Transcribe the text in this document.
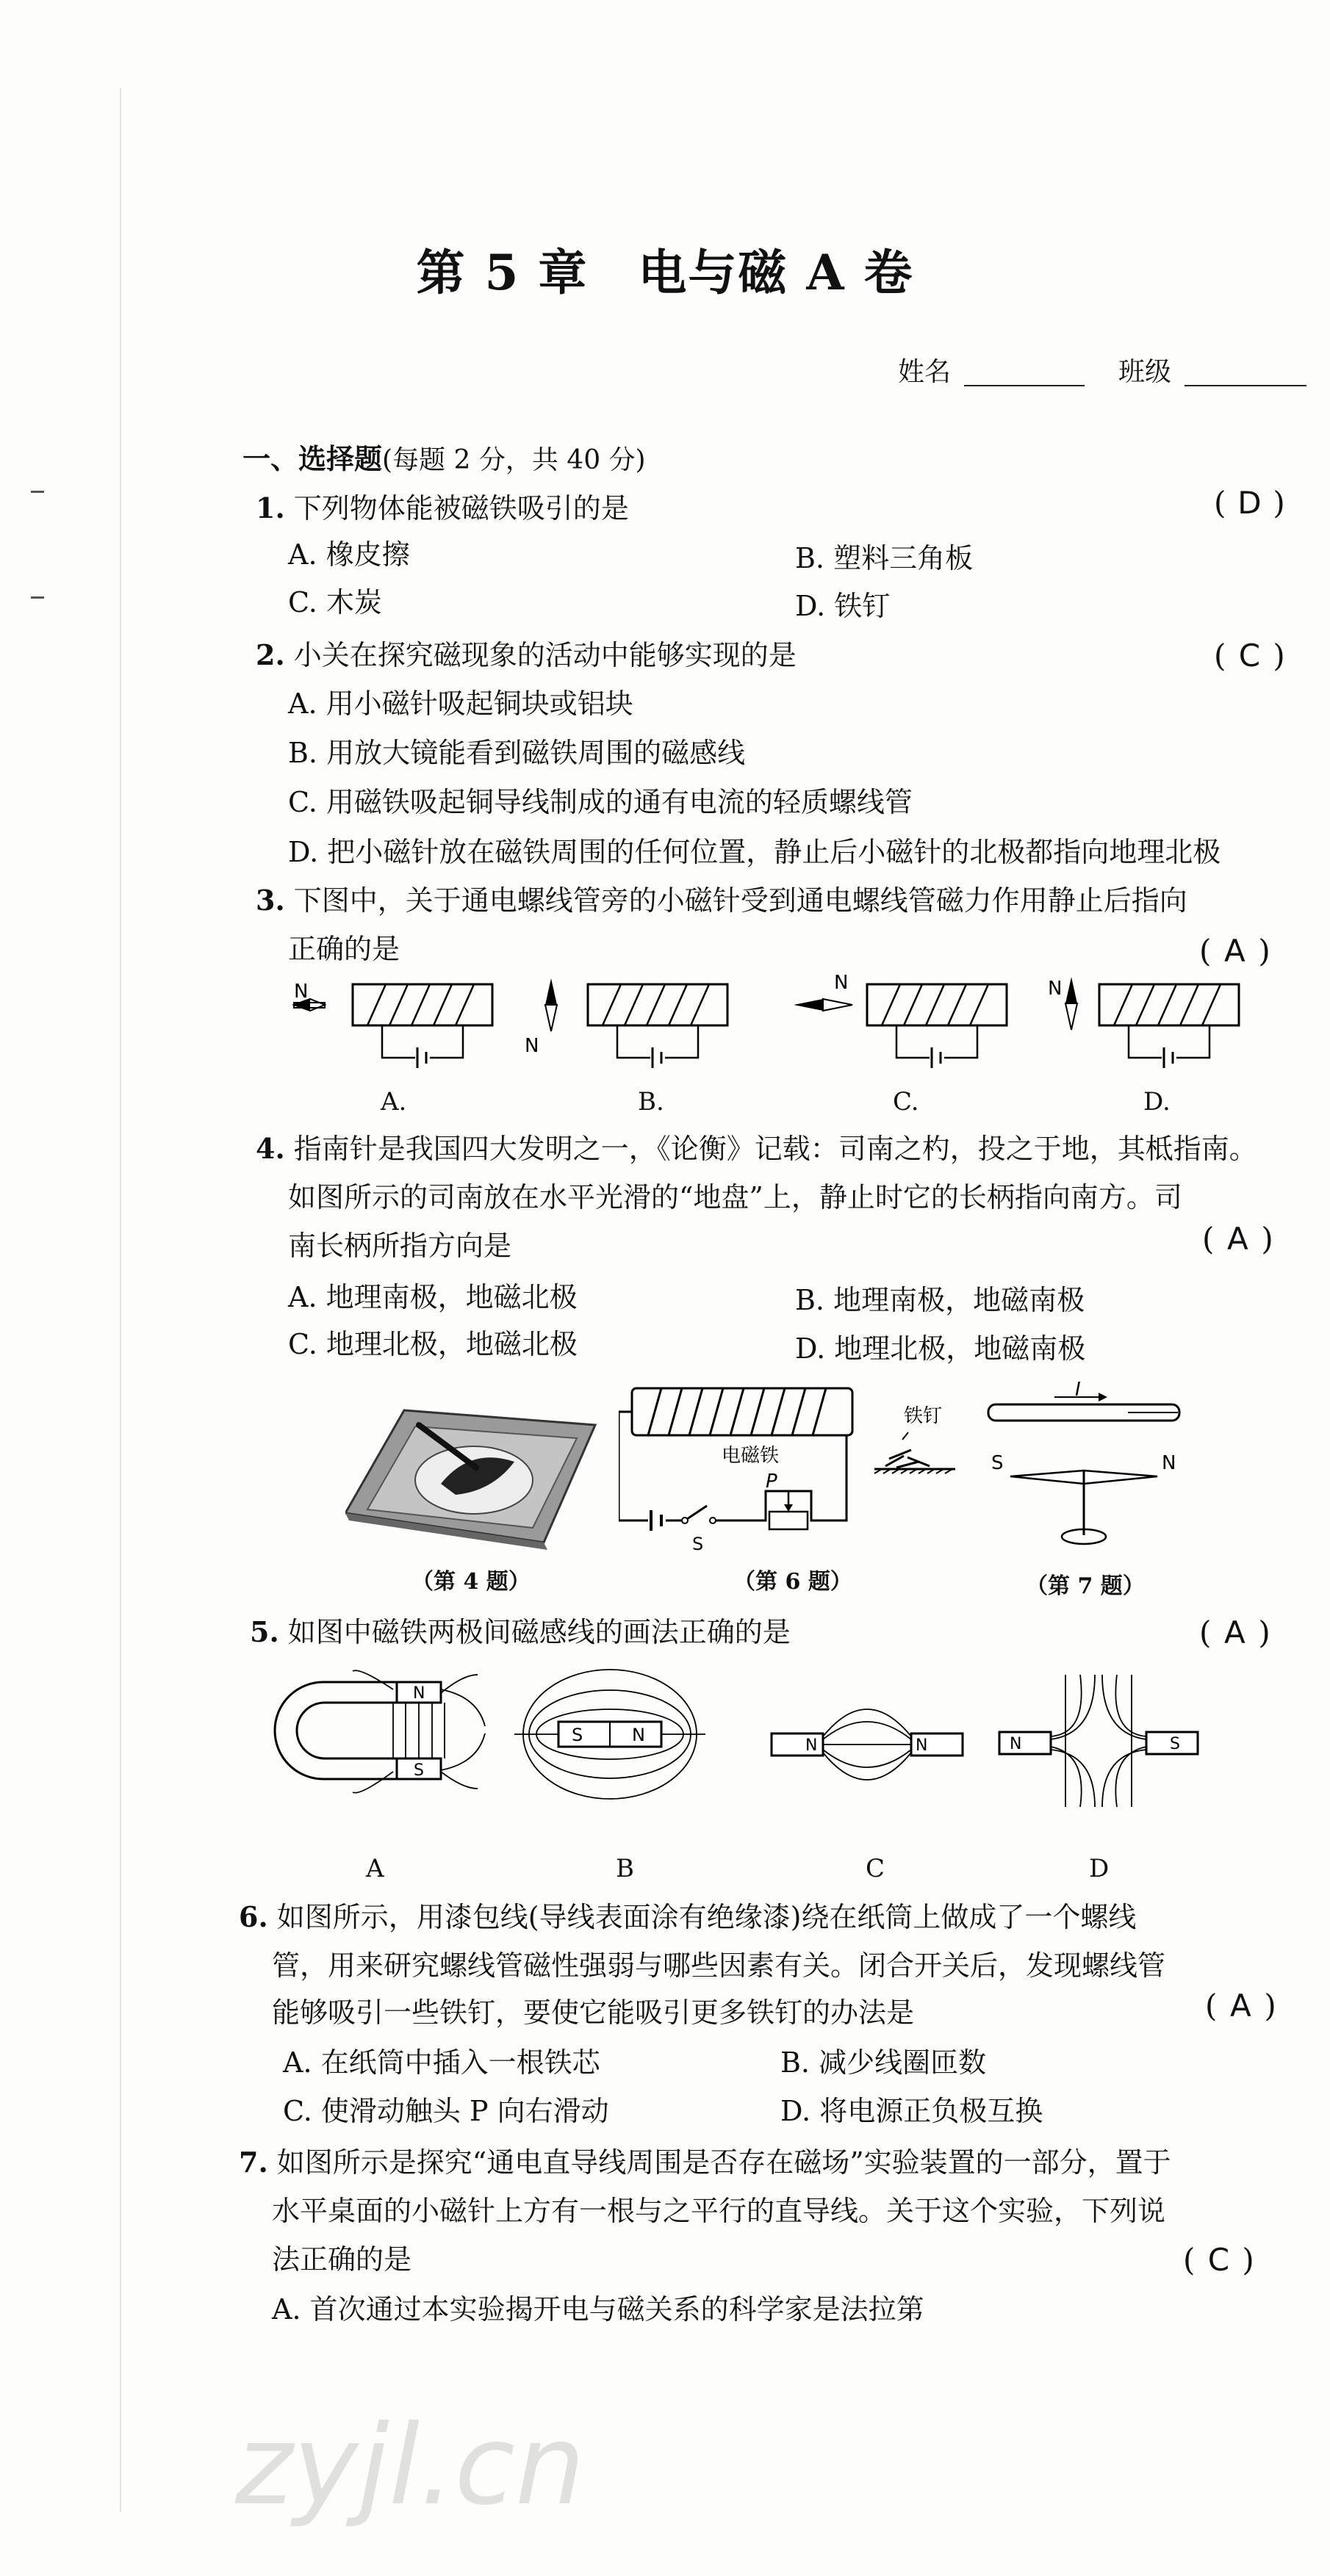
第 5 章　电与磁 A 卷
姓名	班级
一、选择题(每题 2 分，共 40 分)
1. 下列物体能被磁铁吸引的是	( D )
A. 橡皮擦	B. 塑料三角板
C. 木炭	D. 铁钉
2. 小关在探究磁现象的活动中能够实现的是	( C )
A. 用小磁针吸起铜块或铝块
B. 用放大镜能看到磁铁周围的磁感线
C. 用磁铁吸起铜导线制成的通有电流的轻质螺线管
D. 把小磁针放在磁铁周围的任何位置，静止后小磁针的北极都指向地理北极
3. 下图中，关于通电螺线管旁的小磁针受到通电螺线管磁力作用静止后指向
正确的是	( A )
N
N
N	N
A.	B.	C.	D.
4. 指南针是我国四大发明之一，《论衡》记载：司南之杓，投之于地，其柢指南。
如图所示的司南放在水平光滑的“地盘”上，静止时它的长柄指向南方。司
南长柄所指方向是	( A )
A. 地理南极，地磁北极	B. 地理南极，地磁南极
C. 地理北极，地磁北极	D. 地理北极，地磁南极
电磁铁
P
S
铁钉
I
S	N
（第 4 题）	（第 6 题）	（第 7 题）
5. 如图中磁铁两极间磁感线的画法正确的是	( A )
N
S
S	N
N	N	N	S
A	B	C	D
6. 如图所示，用漆包线(导线表面涂有绝缘漆)绕在纸筒上做成了一个螺线
管，用来研究螺线管磁性强弱与哪些因素有关。闭合开关后，发现螺线管
能够吸引一些铁钉，要使它能吸引更多铁钉的办法是	( A )
A. 在纸筒中插入一根铁芯	B. 减少线圈匝数
C. 使滑动触头 P 向右滑动	D. 将电源正负极互换
7. 如图所示是探究“通电直导线周围是否存在磁场”实验装置的一部分，置于
水平桌面的小磁针上方有一根与之平行的直导线。关于这个实验，下列说
法正确的是	( C )
A. 首次通过本实验揭开电与磁关系的科学家是法拉第
zyjl.cn
